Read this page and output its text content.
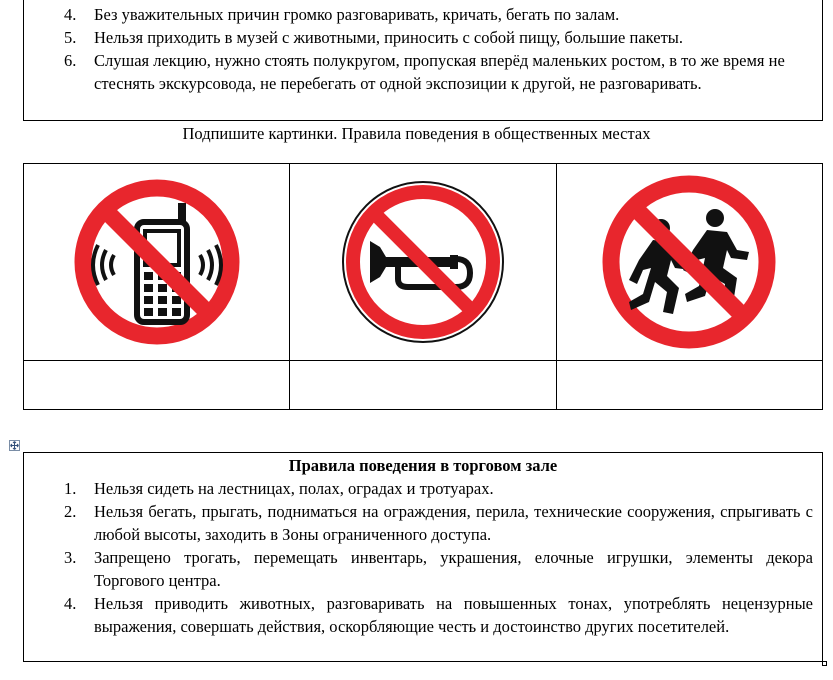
4. Без уважительных причин громко разговаривать, кричать, бегать по залам.
5. Нельзя приходить в музей с животными, приносить с собой пищу, большие пакеты.
6. Слушая лекцию, нужно стоять полукругом, пропуская вперёд маленьких ростом, в то же время не стеснять экскурсовода, не перебегать от одной экспозиции к другой, не разговаривать.
Подпишите картинки. Правила поведения в общественных местах

Правила поведения в торговом зале
1. Нельзя сидеть на лестницах, полах, оградах и тротуарах.
2. Нельзя бегать, прыгать, подниматься на ограждения, перила, технические сооружения, спрыгивать с любой высоты, заходить в Зоны ограниченного доступа.
3. Запрещено трогать, перемещать инвентарь, украшения, елочные игрушки, элементы декора Торгового центра.
4. Нельзя приводить животных, разговаривать на повышенных тонах, употреблять нецензурные выражения, совершать действия, оскорбляющие честь и достоинство других посетителей.
